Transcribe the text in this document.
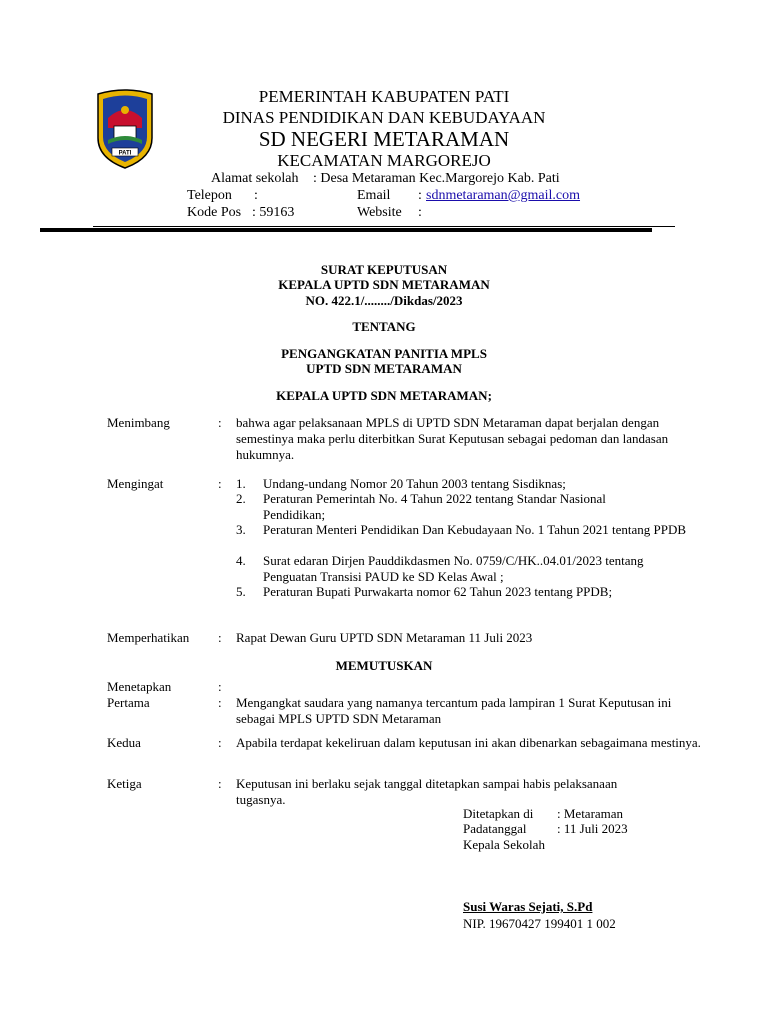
PATI
PEMERINTAH KABUPATEN PATI
DINAS PENDIDIKAN DAN KEBUDAYAAN
SD NEGERI METARAMAN
KECAMATAN MARGOREJO
Alamat sekolah : Desa Metaraman Kec.Margorejo Kab. Pati
Telepon :	Email : sdnmetaraman@gmail.com
Kode Pos : 59163	Website :
SURAT KEPUTUSAN
KEPALA UPTD SDN METARAMAN
NO. 422.1/......../Dikdas/2023
TENTANG
PENGANGKATAN PANITIA MPLS
UPTD SDN METARAMAN
KEPALA UPTD SDN METARAMAN;
Menimbang	: bahwa agar pelaksanaan MPLS di UPTD SDN Metaraman dapat berjalan dengan semestinya maka perlu diterbitkan Surat Keputusan sebagai pedoman dan landasan hukumnya.
Mengingat	: 1. Undang-undang Nomor 20 Tahun 2003 tentang Sisdiknas;
2. Peraturan Pemerintah No. 4 Tahun 2022 tentang Standar Nasional Pendidikan;
3. Peraturan Menteri Pendidikan Dan Kebudayaan No. 1 Tahun 2021 tentang PPDB
4. Surat edaran Dirjen Pauddikdasmen No. 0759/C/HK..04.01/2023 tentang Penguatan Transisi PAUD ke SD Kelas Awal ;
5. Peraturan Bupati Purwakarta nomor 62 Tahun 2023 tentang PPDB;
Memperhatikan : Rapat Dewan Guru UPTD SDN Metaraman 11 Juli 2023
MEMUTUSKAN
Menetapkan	:
Pertama	: Mengangkat saudara yang namanya tercantum pada lampiran 1 Surat Keputusan ini sebagai MPLS UPTD SDN Metaraman
Kedua	: Apabila terdapat kekeliruan dalam keputusan ini akan dibenarkan sebagaimana mestinya.
Ketiga	: Keputusan ini berlaku sejak tanggal ditetapkan sampai habis pelaksanaan tugasnya.
Ditetapkan di : Metaraman
Padatanggal : 11 Juli 2023
Kepala Sekolah
Susi Waras Sejati, S.Pd
NIP. 19670427 199401 1 002
